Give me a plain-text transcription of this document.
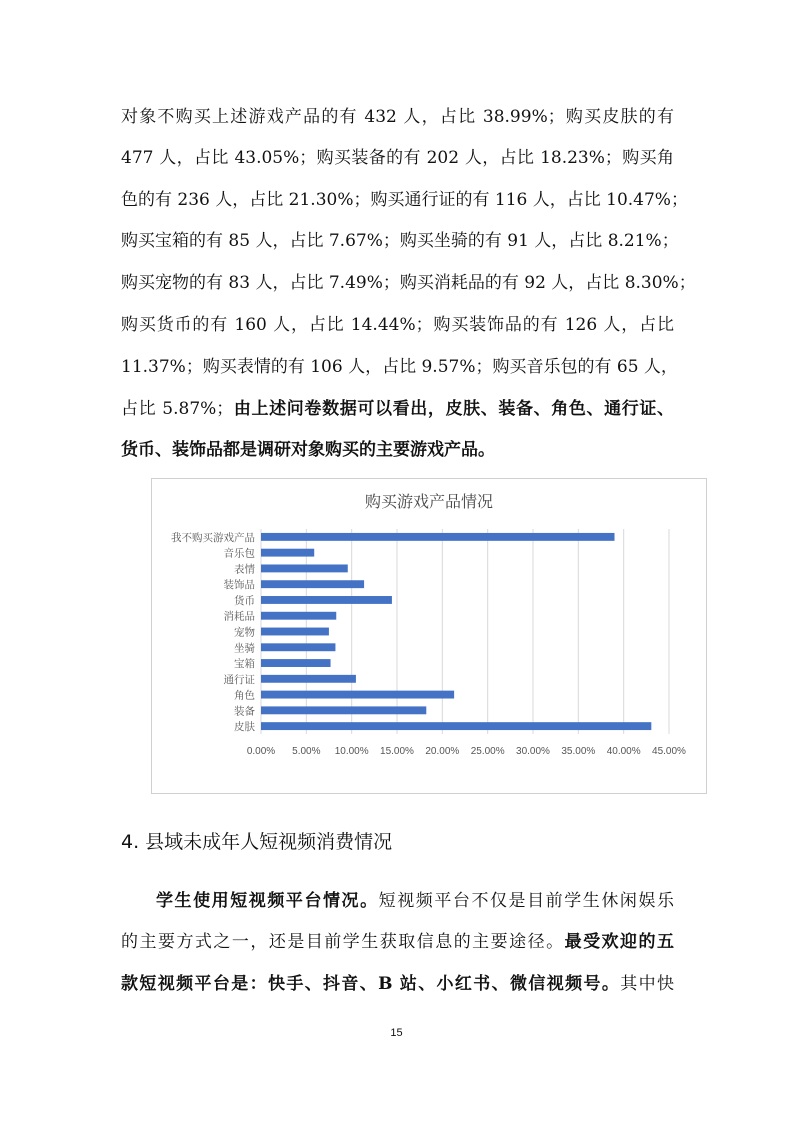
对象不购买上述游戏产品的有 432 人，占比 38.99%；购买皮肤的有
477 人，占比 43.05%；购买装备的有 202 人，占比 18.23%；购买角
色的有 236 人，占比 21.30%；购买通行证的有 116 人，占比 10.47%；
购买宝箱的有 85 人，占比 7.67%；购买坐骑的有 91 人，占比 8.21%；
购买宠物的有 83 人，占比 7.49%；购买消耗品的有 92 人，占比 8.30%；
购买货币的有 160 人，占比 14.44%；购买装饰品的有 126 人，占比
11.37%；购买表情的有 106 人，占比 9.57%；购买音乐包的有 65 人，
占比 5.87%；由上述问卷数据可以看出，皮肤、装备、角色、通行证、
货币、装饰品都是调研对象购买的主要游戏产品。
购买游戏产品情况
我不购买游戏产品
音乐包
表情
装饰品
货币
消耗品
宠物
坐骑
宝箱
通行证
角色
装备
皮肤
0.00% 5.00% 10.00% 15.00% 20.00% 25.00% 30.00% 35.00% 40.00% 45.00%
4. 县域未成年人短视频消费情况
学生使用短视频平台情况。短视频平台不仅是目前学生休闲娱乐
的主要方式之一，还是目前学生获取信息的主要途径。最受欢迎的五
款短视频平台是：快手、抖音、B 站、小红书、微信视频号。其中快
15
